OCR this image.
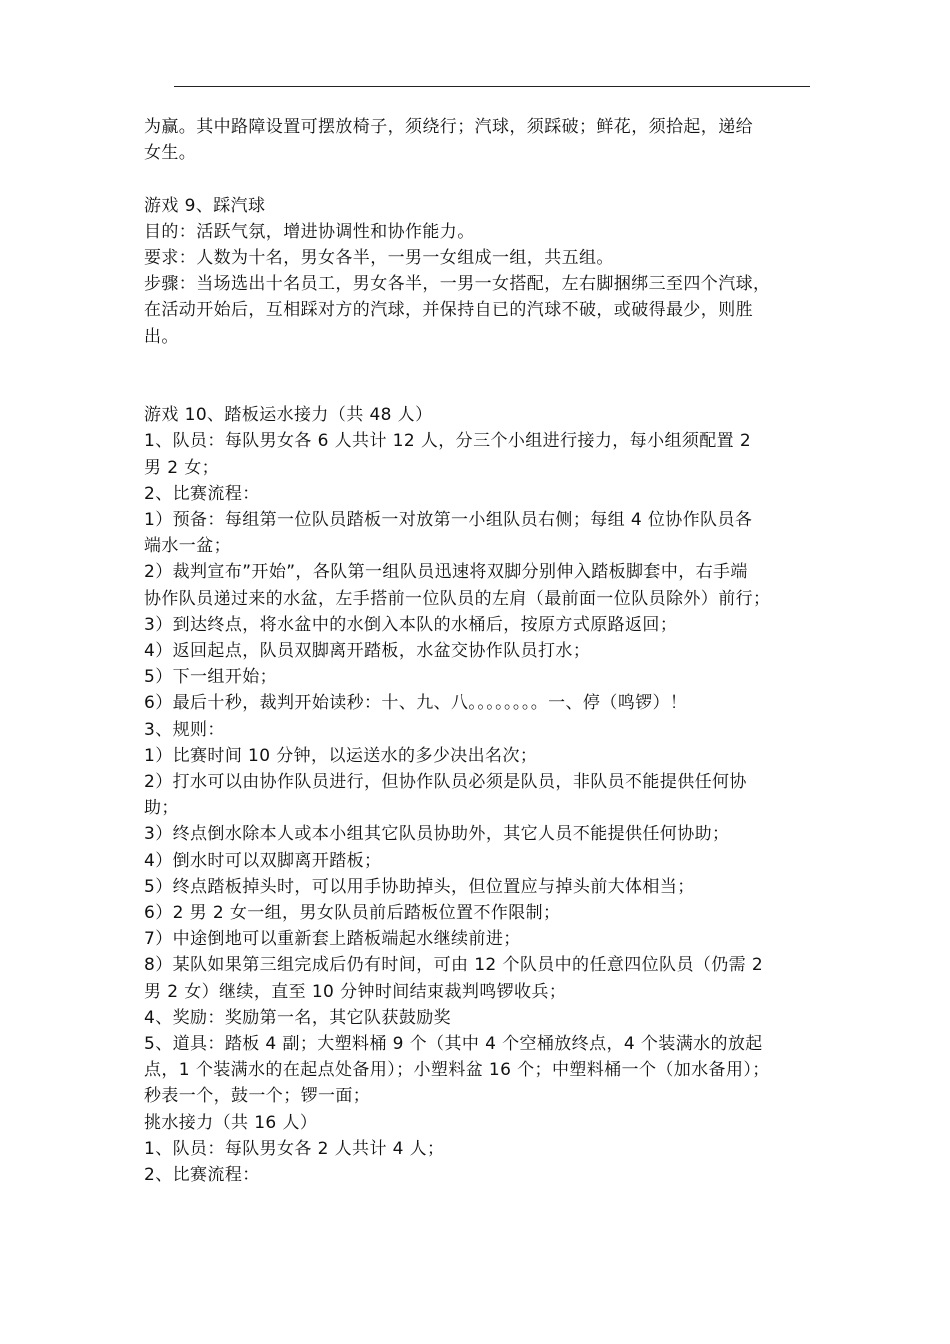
为赢。其中路障设置可摆放椅子，须绕行；汽球，须踩破；鲜花，须拾起，递给
女生。
游戏 9、踩汽球
目的：活跃气氛，增进协调性和协作能力。
要求：人数为十名，男女各半，一男一女组成一组，共五组。
步骤：当场选出十名员工，男女各半，一男一女搭配，左右脚捆绑三至四个汽球，
在活动开始后，互相踩对方的汽球，并保持自已的汽球不破，或破得最少，则胜
出。
游戏 10、踏板运水接力（共 48 人）
1、队员：每队男女各 6 人共计 12 人，分三个小组进行接力，每小组须配置 2
男 2 女；
2、比赛流程：
1）预备：每组第一位队员踏板一对放第一小组队员右侧；每组 4 位协作队员各
端水一盆；
2）裁判宣布”开始”，各队第一组队员迅速将双脚分别伸入踏板脚套中，右手端
协作队员递过来的水盆，左手搭前一位队员的左肩（最前面一位队员除外）前行；
3）到达终点，将水盆中的水倒入本队的水桶后，按原方式原路返回；
4）返回起点，队员双脚离开踏板，水盆交协作队员打水；
5）下一组开始；
6）最后十秒，裁判开始读秒：十、九、八。。。。。。。。一、停（鸣锣）！
3、规则：
1）比赛时间 10 分钟，以运送水的多少决出名次；
2）打水可以由协作队员进行，但协作队员必须是队员，非队员不能提供任何协
助；
3）终点倒水除本人或本小组其它队员协助外，其它人员不能提供任何协助；
4）倒水时可以双脚离开踏板；
5）终点踏板掉头时，可以用手协助掉头，但位置应与掉头前大体相当；
6）2 男 2 女一组，男女队员前后踏板位置不作限制；
7）中途倒地可以重新套上踏板端起水继续前进；
8）某队如果第三组完成后仍有时间，可由 12 个队员中的任意四位队员（仍需 2
男 2 女）继续，直至 10 分钟时间结束裁判鸣锣收兵；
4、奖励：奖励第一名，其它队获鼓励奖
5、道具：踏板 4 副；大塑料桶 9 个（其中 4 个空桶放终点，4 个装满水的放起
点，1 个装满水的在起点处备用）；小塑料盆 16 个；中塑料桶一个（加水备用）；
秒表一个，鼓一个；锣一面；
挑水接力（共 16 人）
1、队员：每队男女各 2 人共计 4 人；
2、比赛流程：
